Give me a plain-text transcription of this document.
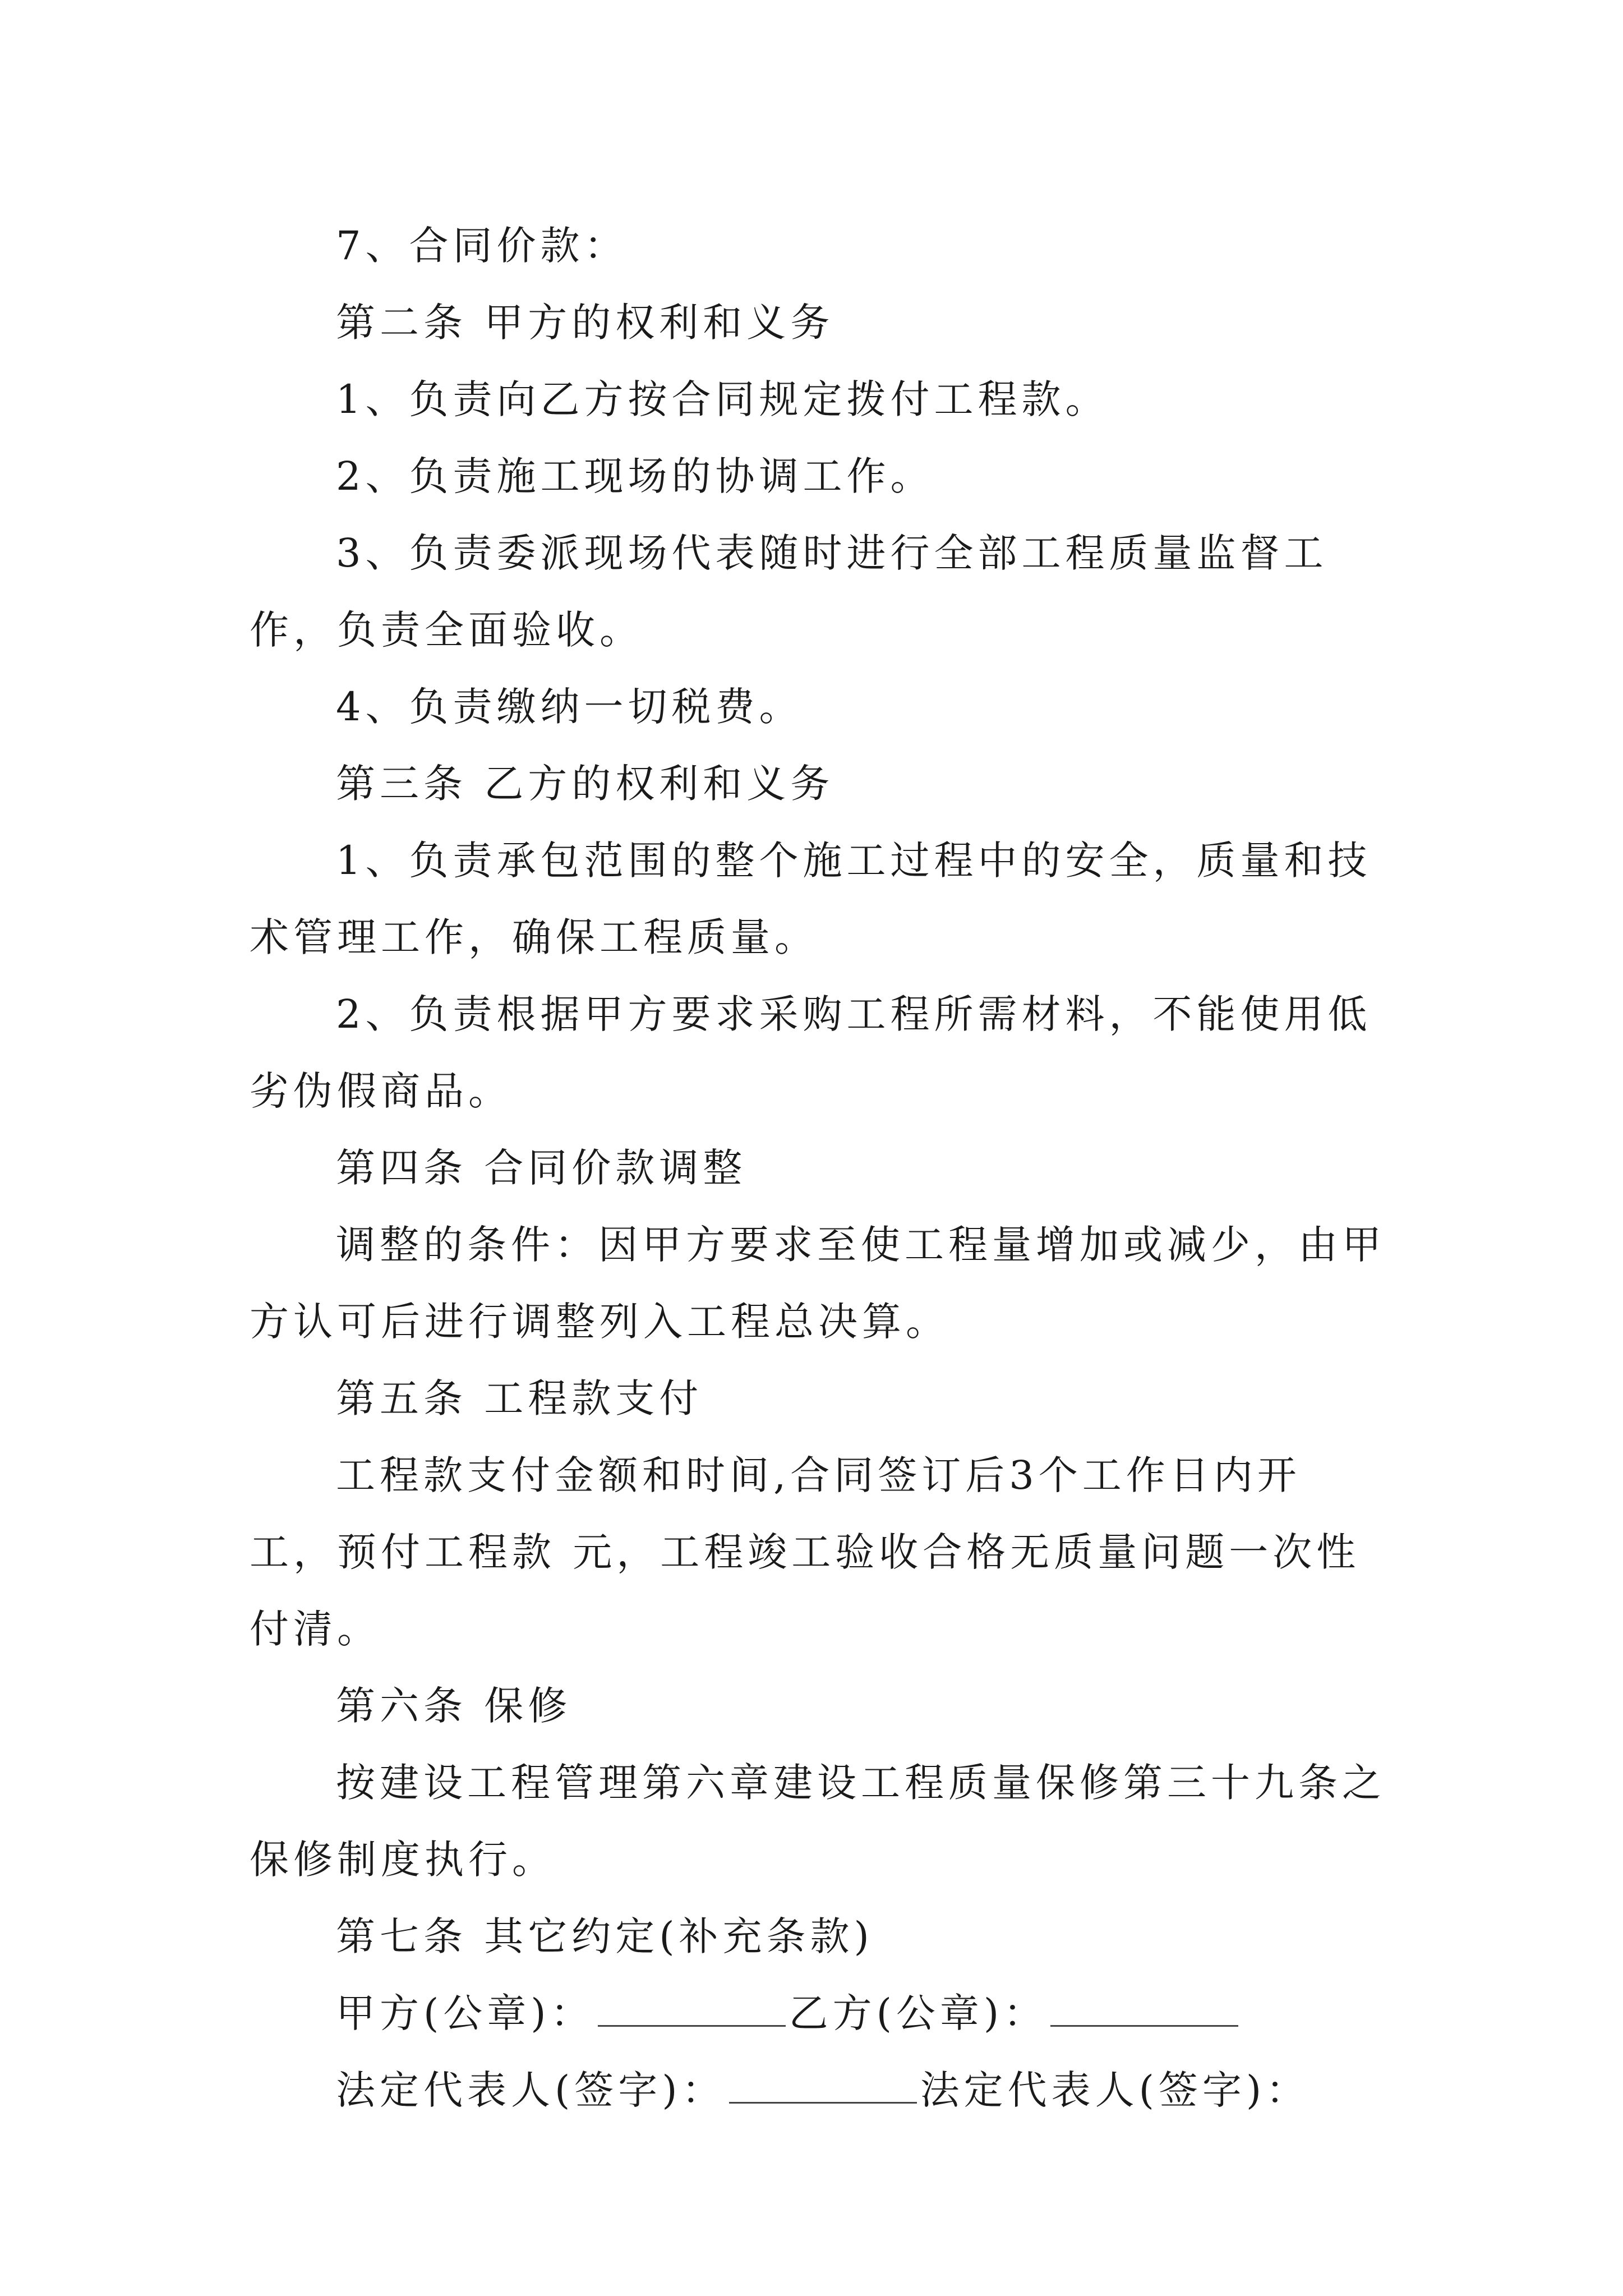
7、合同价款：

第二条 甲方的权利和义务

1、负责向乙方按合同规定拨付工程款。

2、负责施工现场的协调工作。

3、负责委派现场代表随时进行全部工程质量监督工作，负责全面验收。

4、负责缴纳一切税费。

第三条 乙方的权利和义务

1、负责承包范围的整个施工过程中的安全，质量和技术管理工作，确保工程质量。

2、负责根据甲方要求采购工程所需材料，不能使用低劣伪假商品。

第四条 合同价款调整

调整的条件：因甲方要求至使工程量增加或减少，由甲方认可后进行调整列入工程总决算。

第五条 工程款支付

工程款支付金额和时间,合同签订后3个工作日内开工，预付工程款 元，工程竣工验收合格无质量问题一次性付清。

第六条 保修

按建设工程管理第六章建设工程质量保修第三十九条之保修制度执行。

第七条 其它约定(补充条款)

甲方(公章)：	乙方(公章)：

法定代表人(签字)：	法定代表人(签字)：
